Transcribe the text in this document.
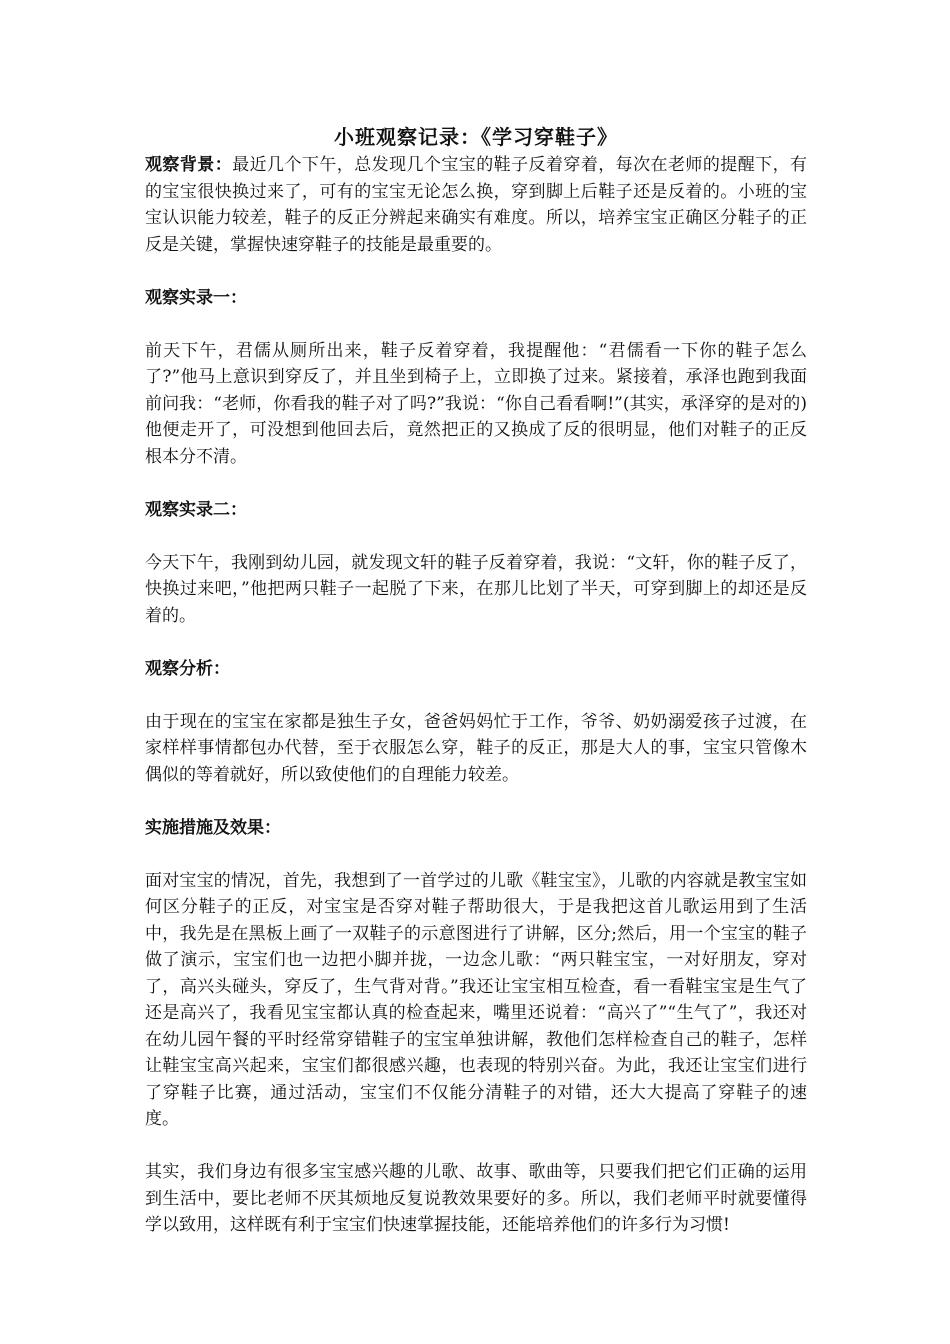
小班观察记录：《学习穿鞋子》

观察背景：最近几个下午，总发现几个宝宝的鞋子反着穿着，每次在老师的提醒下，有的宝宝很快换过来了，可有的宝宝无论怎么换，穿到脚上后鞋子还是反着的。小班的宝宝认识能力较差，鞋子的反正分辨起来确实有难度。所以，培养宝宝正确区分鞋子的正反是关键，掌握快速穿鞋子的技能是最重要的。

观察实录一：

前天下午，君儒从厕所出来，鞋子反着穿着，我提醒他：“君儒看一下你的鞋子怎么了?”他马上意识到穿反了，并且坐到椅子上，立即换了过来。紧接着，承泽也跑到我面前问我：“老师，你看我的鞋子对了吗?”我说：“你自己看看啊!”(其实，承泽穿的是对的)他便走开了，可没想到他回去后，竟然把正的又换成了反的很明显，他们对鞋子的正反根本分不清。

观察实录二：

今天下午，我刚到幼儿园，就发现文轩的鞋子反着穿着，我说：“文轩，你的鞋子反了，快换过来吧，”他把两只鞋子一起脱了下来，在那儿比划了半天，可穿到脚上的却还是反着的。

观察分析：

由于现在的宝宝在家都是独生子女，爸爸妈妈忙于工作，爷爷、奶奶溺爱孩子过渡，在家样样事情都包办代替，至于衣服怎么穿，鞋子的反正，那是大人的事，宝宝只管像木偶似的等着就好，所以致使他们的自理能力较差。

实施措施及效果：

面对宝宝的情况，首先，我想到了一首学过的儿歌《鞋宝宝》，儿歌的内容就是教宝宝如何区分鞋子的正反，对宝宝是否穿对鞋子帮助很大，于是我把这首儿歌运用到了生活中，我先是在黑板上画了一双鞋子的示意图进行了讲解，区分;然后，用一个宝宝的鞋子做了演示，宝宝们也一边把小脚并拢，一边念儿歌：“两只鞋宝宝，一对好朋友，穿对了，高兴头碰头，穿反了，生气背对背。”我还让宝宝相互检查，看一看鞋宝宝是生气了还是高兴了，我看见宝宝都认真的检查起来，嘴里还说着：“高兴了”“生气了”，我还对在幼儿园午餐的平时经常穿错鞋子的宝宝单独讲解，教他们怎样检查自己的鞋子，怎样让鞋宝宝高兴起来，宝宝们都很感兴趣，也表现的特别兴奋。为此，我还让宝宝们进行了穿鞋子比赛，通过活动，宝宝们不仅能分清鞋子的对错，还大大提高了穿鞋子的速度。

其实，我们身边有很多宝宝感兴趣的儿歌、故事、歌曲等，只要我们把它们正确的运用到生活中，要比老师不厌其烦地反复说教效果要好的多。所以，我们老师平时就要懂得学以致用，这样既有利于宝宝们快速掌握技能，还能培养他们的许多行为习惯!
